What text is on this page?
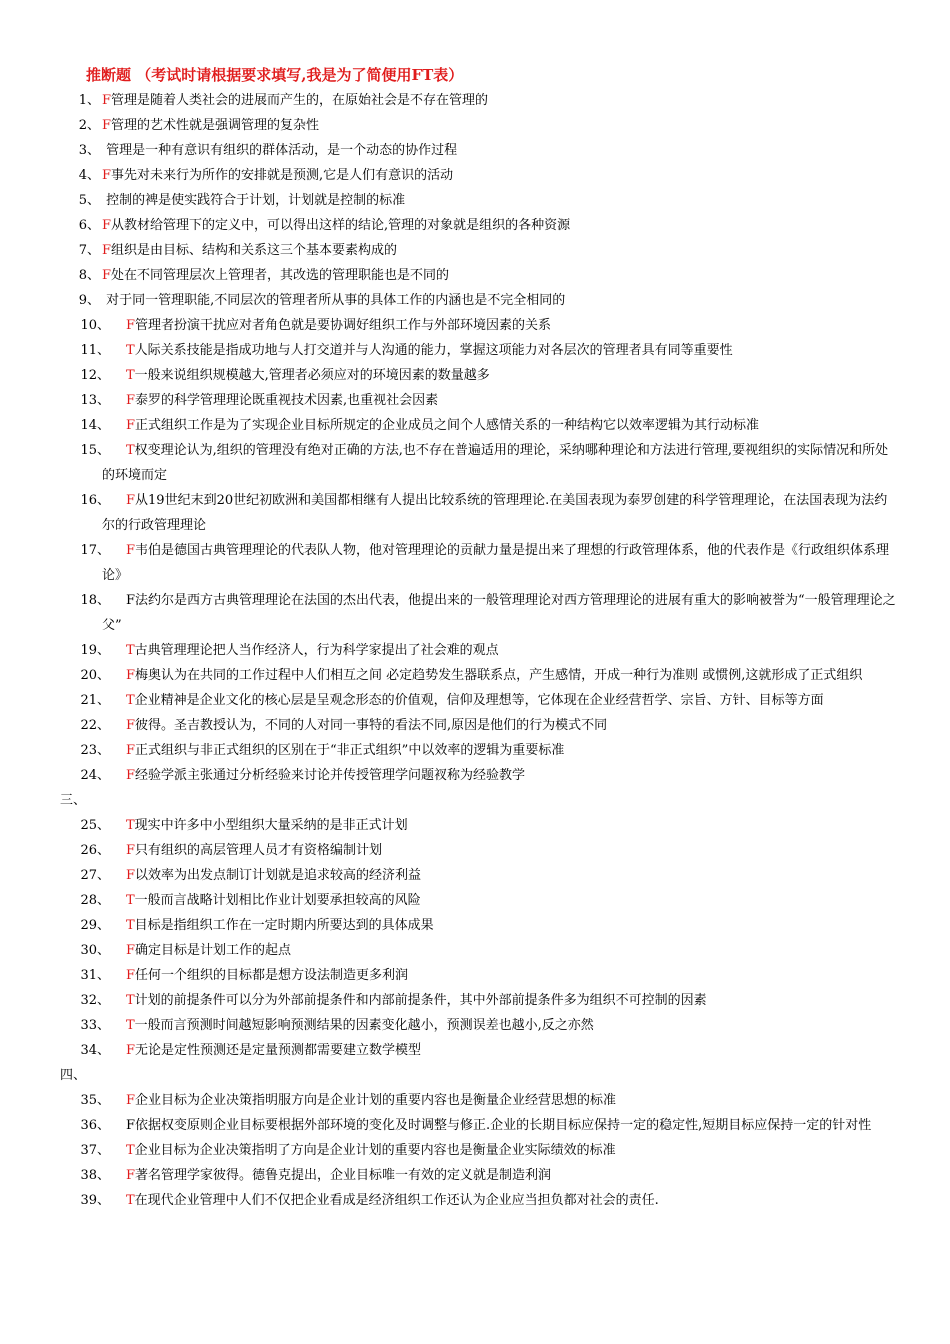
推断题 （考试时请根据要求填写,我是为了简便用FT表）
1、 F管理是随着人类社会的进展而产生的，在原始社会是不存在管理的
2、 F管理的艺术性就是强调管理的复杂性
3、 管理是一种有意识有组织的群体活动，是一个动态的协作过程
4、 F事先对未来行为所作的安排就是预测,它是人们有意识的活动
5、 控制的裨是使实践符合于计划，计划就是控制的标准
6、 F从教材给管理下的定义中，可以得出这样的结论,管理的对象就是组织的各种资源
7、 F组织是由目标、结构和关系这三个基本要素构成的
8、 F处在不同管理层次上管理者，其改选的管理职能也是不同的
9、 对于同一管理职能,不同层次的管理者所从事的具体工作的内涵也是不完全相同的
10、	F管理者扮演干扰应对者角色就是要协调好组织工作与外部环境因素的关系
11、	T人际关系技能是指成功地与人打交道并与人沟通的能力，掌握这项能力对各层次的管理者具有同等重要性
12、	T一般来说组织规模越大,管理者必须应对的环境因素的数量越多
13、	F泰罗的科学管理理论既重视技术因素,也重视社会因素
14、	F正式组织工作是为了实现企业目标所规定的企业成员之间个人感情关系的一种结构它以效率逻辑为其行动标准
15、	T权变理论认为,组织的管理没有绝对正确的方法,也不存在普遍适用的理论，采纳哪种理论和方法进行管理,要视组织的实际情况和所处的环境而定
16、	F从19世纪末到20世纪初欧洲和美国都相继有人提出比较系统的管理理论.在美国表现为泰罗创建的科学管理理论，在法国表现为法约尔的行政管理理论
17、	F韦伯是德国古典管理理论的代表队人物，他对管理理论的贡献力量是提出来了理想的行政管理体系，他的代表作是《行政组织体系理论》
18、	F法约尔是西方古典管理理论在法国的杰出代表，他提出来的一般管理理论对西方管理理论的进展有重大的影响被誉为“一般管理理论之父”
19、	T古典管理理论把人当作经济人，行为科学家提出了社会难的观点
20、	F梅奥认为在共同的工作过程中人们相互之间 必定趋势发生器联系点，产生感情，开成一种行为准则 或惯例,这就形成了正式组织
21、	T企业精神是企业文化的核心层是呈观念形态的价值观，信仰及理想等，它体现在企业经营哲学、宗旨、方针、目标等方面
22、	F彼得。圣吉教授认为，不同的人对同一事特的看法不同,原因是他们的行为模式不同
23、	F正式组织与非正式组织的区别在于“非正式组织”中以效率的逻辑为重要标准
24、	F经验学派主张通过分析经验来讨论并传授管理学问题衩称为经验教学
三、
25、	T现实中许多中小型组织大量采纳的是非正式计划
26、	F只有组织的高层管理人员才有资格编制计划
27、	F以效率为出发点制订计划就是追求较高的经济利益
28、	T一般而言战略计划相比作业计划要承担较高的风险
29、	T目标是指组织工作在一定时期内所要达到的具体成果
30、	F确定目标是计划工作的起点
31、	F任何一个组织的目标都是想方设法制造更多利润
32、	T计划的前提条件可以分为外部前提条件和内部前提条件，其中外部前提条件多为组织不可控制的因素
33、	T一般而言预测时间越短影响预测结果的因素变化越小，预测误差也越小,反之亦然
34、	F无论是定性预测还是定量预测都需要建立数学模型
四、
35、	F企业目标为企业决策指明服方向是企业计划的重要内容也是衡量企业经营思想的标准
36、	F依据权变原则企业目标要根据外部环境的变化及时调整与修正.企业的长期目标应保持一定的稳定性,短期目标应保持一定的针对性
37、	T企业目标为企业决策指明了方向是企业计划的重要内容也是衡量企业实际绩效的标准
38、	F著名管理学家彼得。德鲁克提出，企业目标唯一有效的定义就是制造利润
39、	T在现代企业管理中人们不仅把企业看成是经济组织工作还认为企业应当担负都对社会的责任.
